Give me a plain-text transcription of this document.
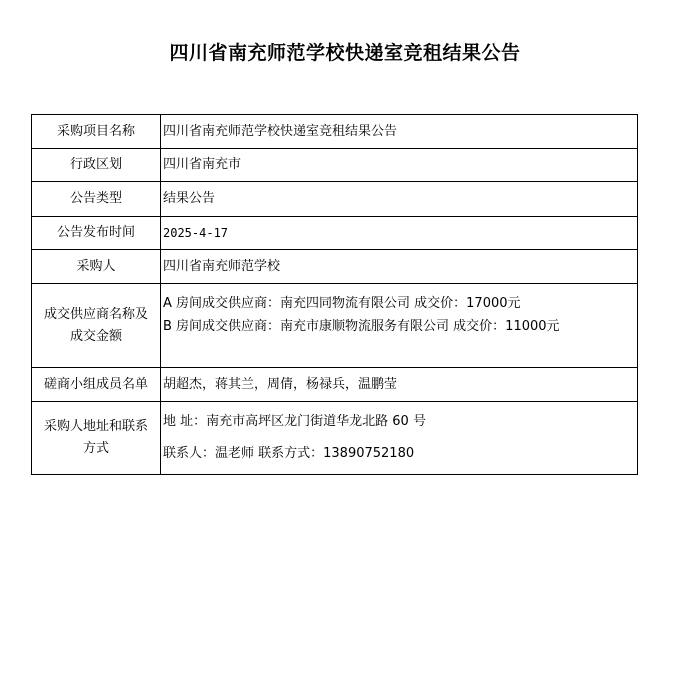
四川省南充师范学校快递室竞租结果公告
采购项目名称	四川省南充师范学校快递室竞租结果公告
行政区划	四川省南充市
公告类型	结果公告
公告发布时间	2025-4-17
采购人	四川省南充师范学校

成交供应商名称及
成交金额	A 房间成交供应商：南充四同物流有限公司 成交价：17000元
B 房间成交供应商：南充市康顺物流服务有限公司 成交价：11000元

磋商小组成员名单	胡超杰，蒋其兰，周倩，杨禄兵，温鹏莹

采购人地址和联系
方式	地 址：南充市高坪区龙门街道华龙北路 60 号
联系人：温老师 联系方式：13890752180
